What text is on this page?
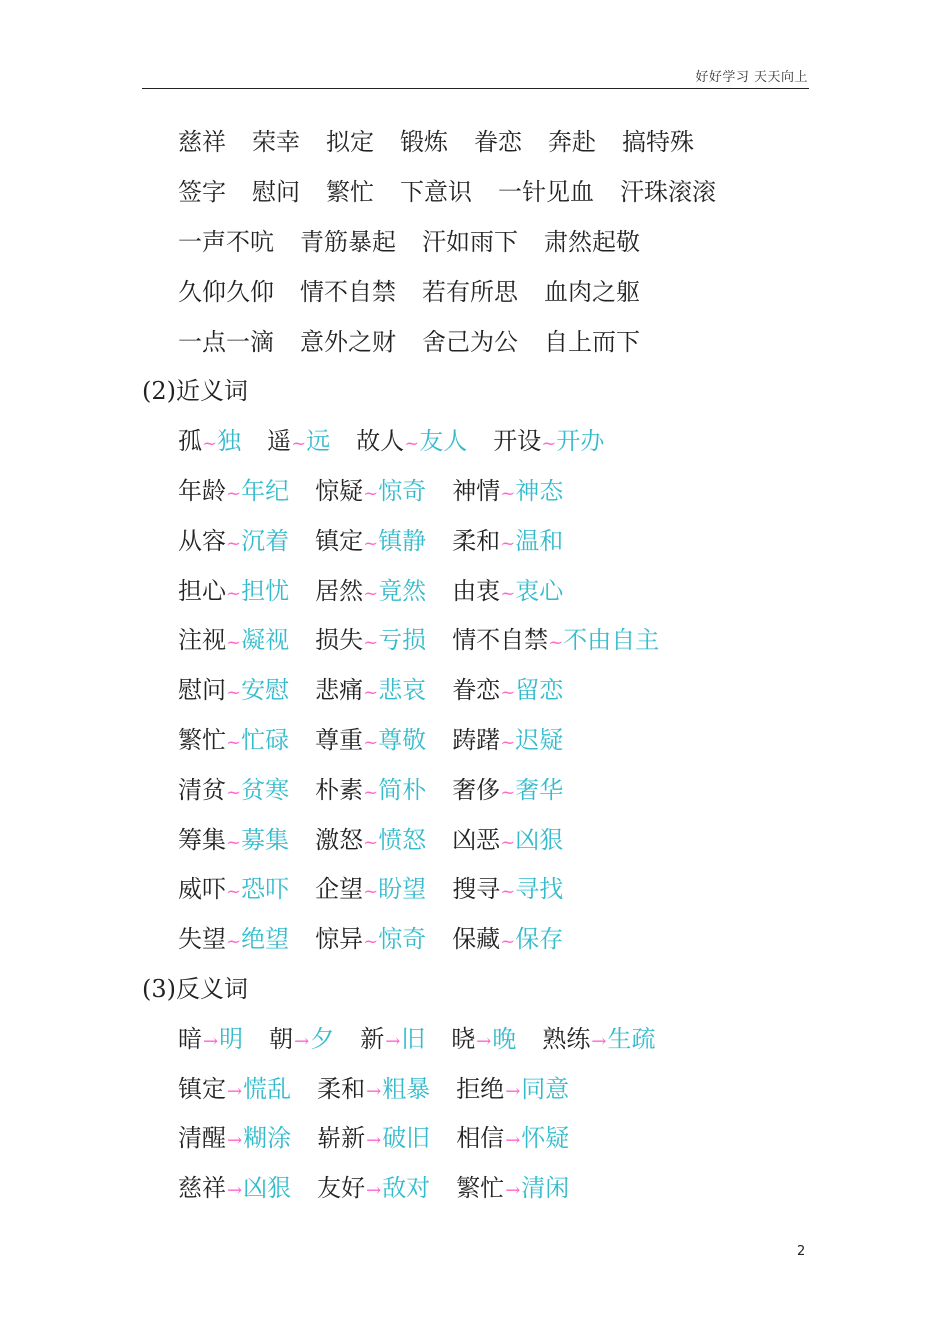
好好学习 天天向上
慈祥 荣幸 拟定 锻炼 眷恋 奔赴 搞特殊
签字 慰问 繁忙 下意识 一针见血 汗珠滚滚
一声不吭 青筋暴起 汗如雨下 肃然起敬
久仰久仰 情不自禁 若有所思 血肉之躯
一点一滴 意外之财 舍己为公 自上而下
(2)近义词
孤~独 遥~远 故人~友人 开设~开办
年龄~年纪 惊疑~惊奇 神情~神态
从容~沉着 镇定~镇静 柔和~温和
担心~担忧 居然~竟然 由衷~衷心
注视~凝视 损失~亏损 情不自禁~不由自主
慰问~安慰 悲痛~悲哀 眷恋~留恋
繁忙~忙碌 尊重~尊敬 踌躇~迟疑
清贫~贫寒 朴素~简朴 奢侈~奢华
筹集~募集 激怒~愤怒 凶恶~凶狠
威吓~恐吓 企望~盼望 搜寻~寻找
失望~绝望 惊异~惊奇 保藏~保存
(3)反义词
暗→明 朝→夕 新→旧 晓→晚 熟练→生疏
镇定→慌乱 柔和→粗暴 拒绝→同意
清醒→糊涂 崭新→破旧 相信→怀疑
慈祥→凶狠 友好→敌对 繁忙→清闲
2
